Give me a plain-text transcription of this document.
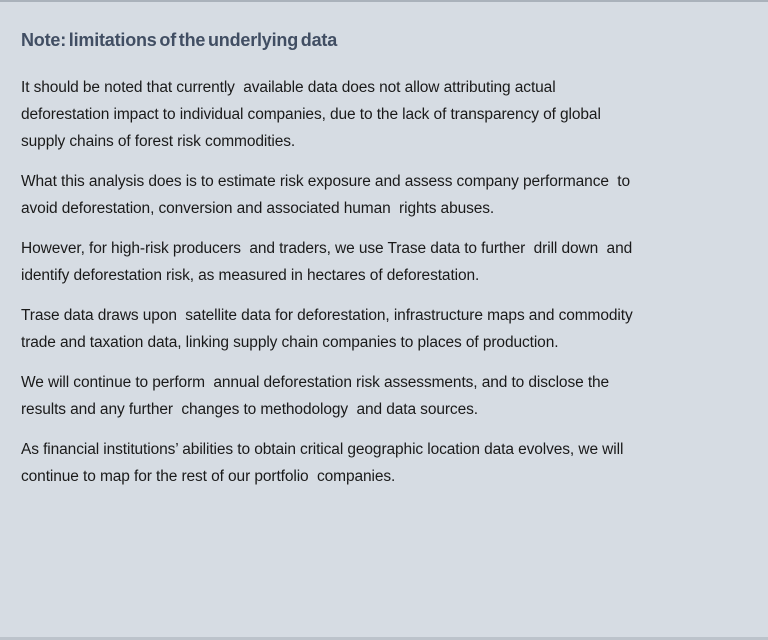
Note: limitations of the underlying data

It should be noted that currently  available data does not allow attributing actual
deforestation impact to individual companies, due to the lack of transparency of global
supply chains of forest risk commodities.

What this analysis does is to estimate risk exposure and assess company performance  to
avoid deforestation, conversion and associated human  rights abuses.

However, for high-risk producers  and traders, we use Trase data to further  drill down  and
identify deforestation risk, as measured in hectares of deforestation.

Trase data draws upon  satellite data for deforestation, infrastructure maps and commodity
trade and taxation data, linking supply chain companies to places of production.

We will continue to perform  annual deforestation risk assessments, and to disclose the
results and any further  changes to methodology  and data sources.

As financial institutions’ abilities to obtain critical geographic location data evolves, we will
continue to map for the rest of our portfolio  companies.
